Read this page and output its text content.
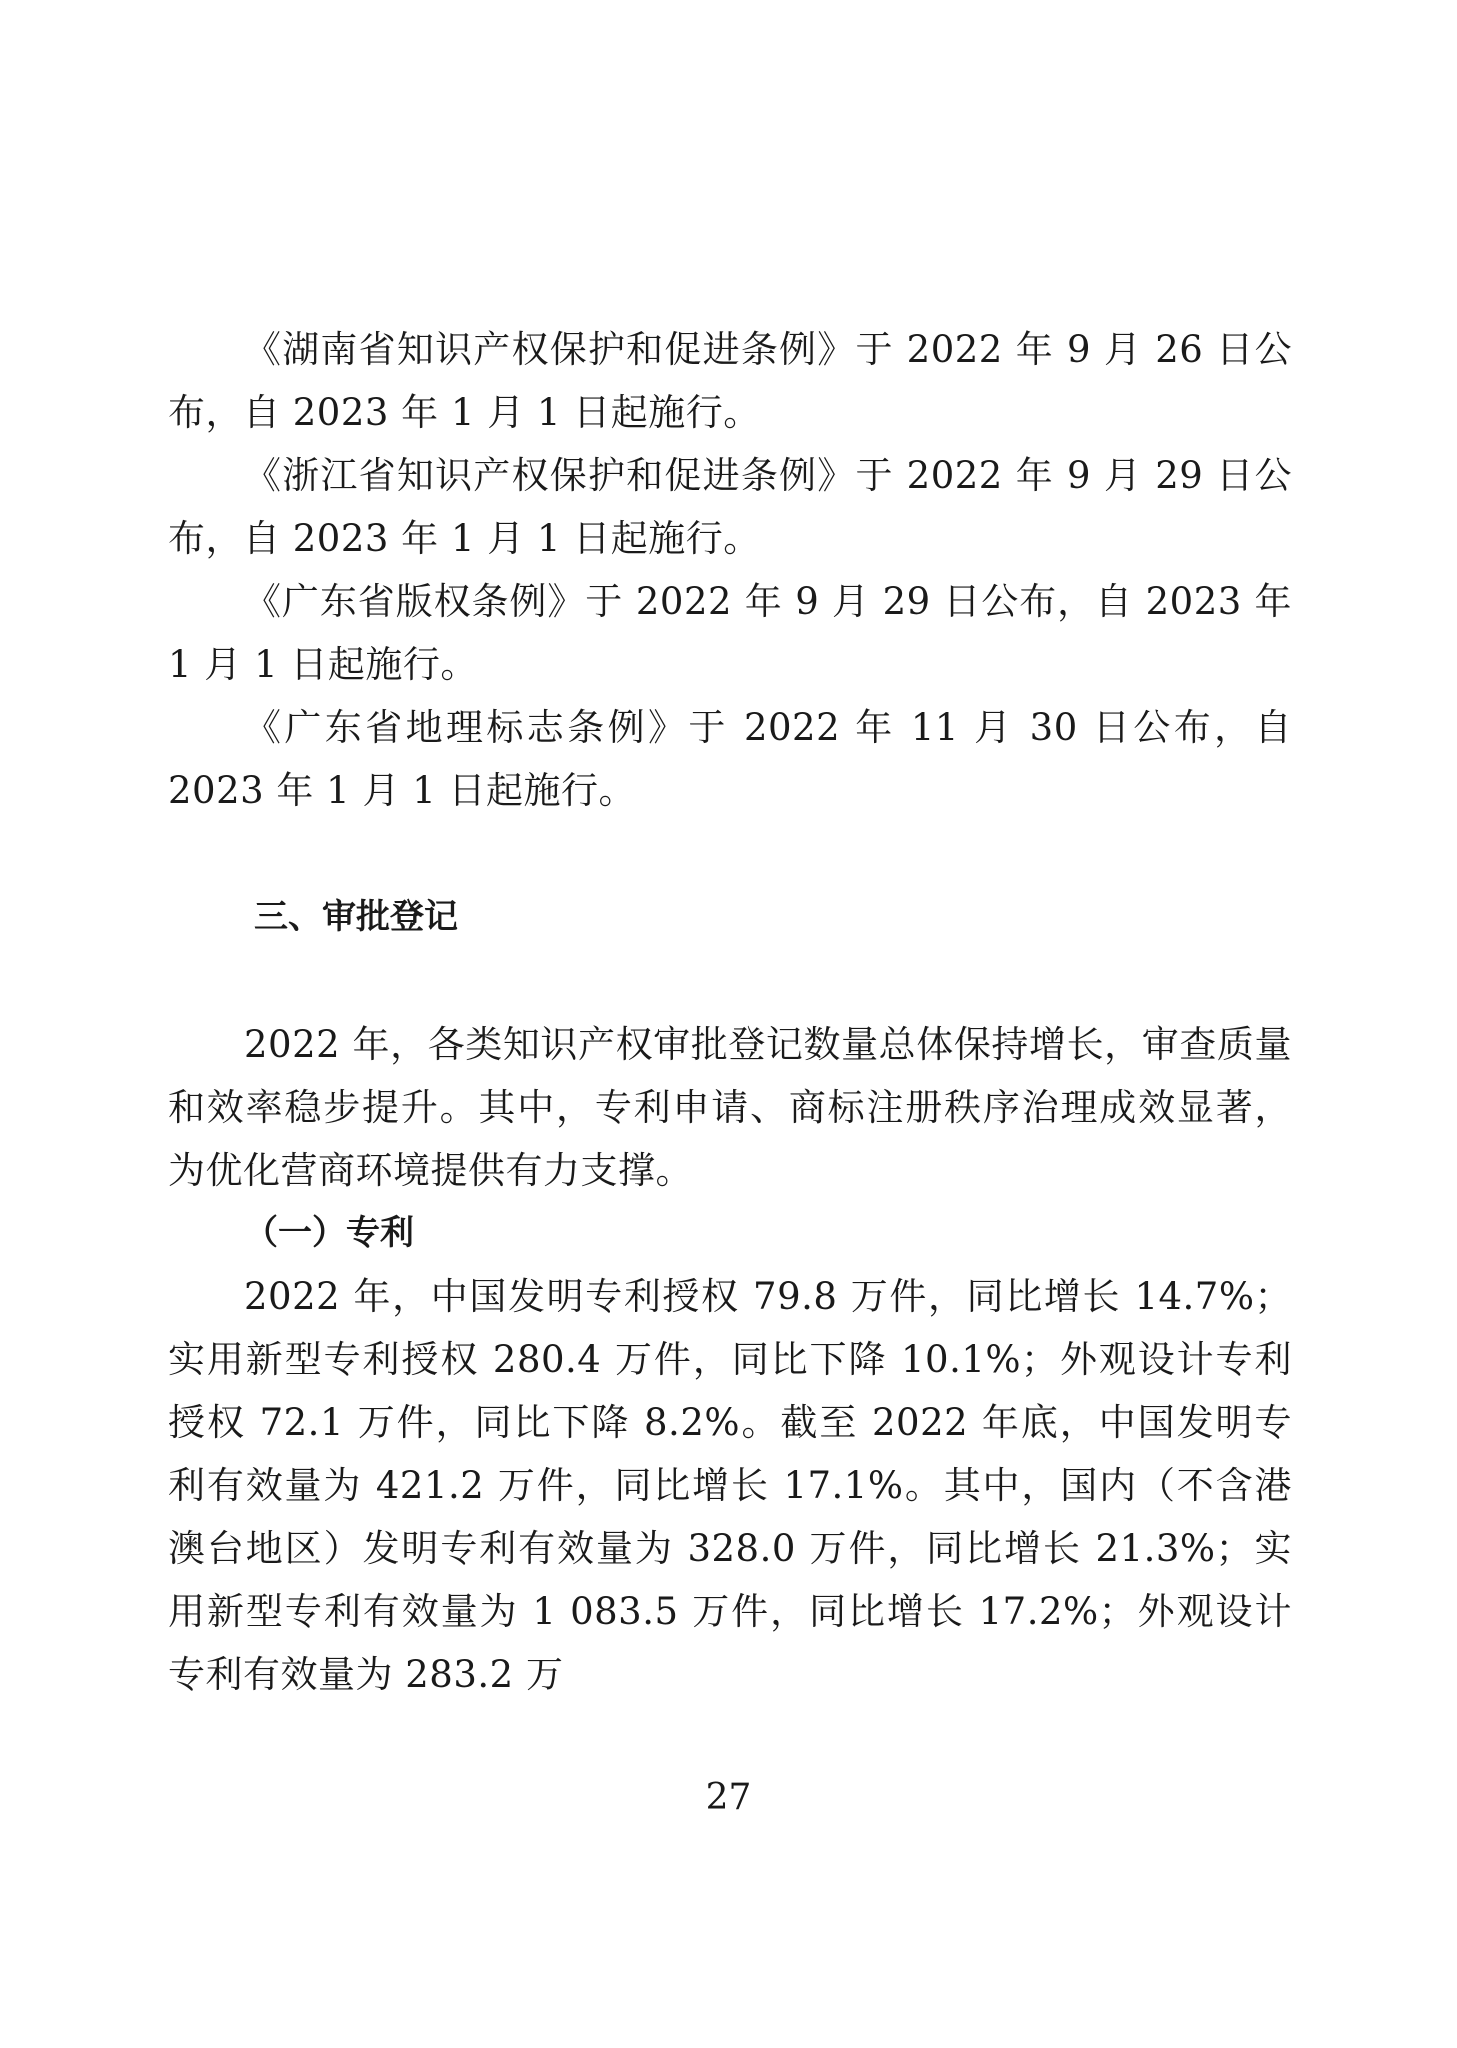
《湖南省知识产权保护和促进条例》于 2022 年 9 月 26 日公布，自 2023 年 1 月 1 日起施行。

《浙江省知识产权保护和促进条例》于 2022 年 9 月 29 日公布，自 2023 年 1 月 1 日起施行。

《广东省版权条例》于 2022 年 9 月 29 日公布，自 2023 年 1 月 1 日起施行。

《广东省地理标志条例》于 2022 年 11 月 30 日公布，自 2023 年 1 月 1 日起施行。

三、审批登记

2022 年，各类知识产权审批登记数量总体保持增长，审查质量和效率稳步提升。其中，专利申请、商标注册秩序治理成效显著，为优化营商环境提供有力支撑。

（一）专利

2022 年，中国发明专利授权 79.8 万件，同比增长 14.7%；实用新型专利授权 280.4 万件，同比下降 10.1%；外观设计专利授权 72.1 万件，同比下降 8.2%。截至 2022 年底，中国发明专利有效量为 421.2 万件，同比增长 17.1%。其中，国内（不含港澳台地区）发明专利有效量为 328.0 万件，同比增长 21.3%；实用新型专利有效量为 1 083.5 万件，同比增长 17.2%；外观设计专利有效量为 283.2 万

27
